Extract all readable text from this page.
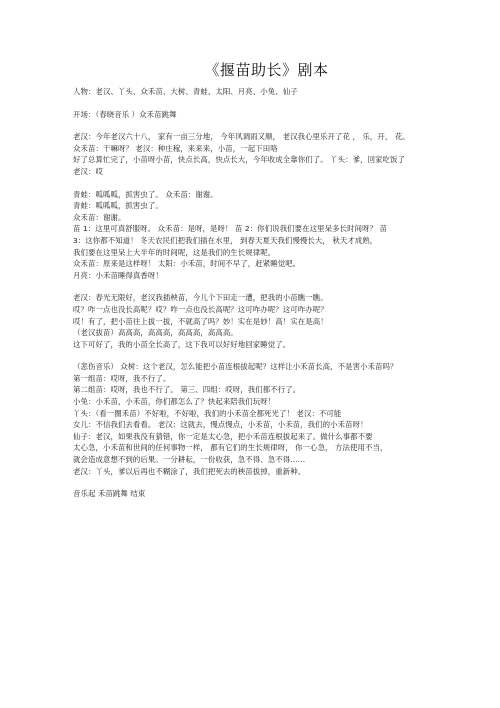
《揠苗助长》剧本

人物：老汉、丫头、众禾苗、大树、青蛙、太阳、月亮、小兔、仙子

开场：（春晓音乐 ）众禾苗跳舞

老汉：今年老汉六十八， 家有一亩三分地， 今年风调雨又顺， 老汉我心里乐开了花 ， 乐，开， 花。

众禾苗：干嘛呀？ 老汉：种庄稼，来来来，小苗，一起下田咯

好了总算忙完了，小苗呀小苗，快点长高，快点长大，今年收成全靠你们了。 丫头：爹，回家吃饭了

老汉：哎

青蛙：呱呱呱，抓害虫了。 众禾苗：谢谢。

青蛙：呱呱呱，抓害虫了。

众禾苗：谢谢。

苗 1：这里可真舒服呀。 众禾苗：是呀，是呀！ 苗 2：你们说我们要在这里呆多长时间呀？ 苗

3：这你都不知道！ 冬天农民们把我们插在水里， 到春天夏天我们慢慢长大， 秋天才成熟，

我们要在这里呆上大半年的时间呢，这是我们的生长规律呢。

众禾苗：原来是这样呀！ 太阳：小禾苗，时间不早了，赶紧睡觉吧。

月亮：小禾苗睡得真香呀！

老汉：春光无限好，老汉我插秧苗，今儿个下田走一遭，把我的小苗瞧一瞧。

哎？咋一点也没长高呢？哎？咋一点也没长高呢？这可咋办呢？这可咋办呢？

哎！有了，把小苗往上拔一拔，不就高了吗？妙！实在是妙！高！实在是高！

（老汉拔苗）高高高，高高高，高高高，高高高。

这下可好了，我的小苗全长高了，这下我可以好好地回家睡觉了。

（悲伤音乐） 众树：这个老汉，怎么能把小苗连根拔起呢？这样让小禾苗长高，不是害小禾苗吗？

第一组苗：哎呀，我不行了。

第二组苗：哎呀，我也不行了。 第三、四组：哎呀，我们都不行了。

小兔：小禾苗，小禾苗，你们都怎么了？快起来陪我们玩呀！

丫头：（看一圈禾苗）不好啦，不好啦，我们的小禾苗全都死光了！ 老汉：不可能

女儿：不信我们去看看。 老汉：这就去，慢点慢点，小禾苗，小禾苗，我们的小禾苗呀！

仙子：老汉，如果我没有猜错，你一定是太心急，把小禾苗连根拔起来了。做什么事都不要

太心急，小禾苗和世间的任何事物一样， 都有它们的生长规律呀， 你一心急， 方法使用不当，

就会造成意想不到的后果。一分耕耘，一份收获，急不得、急不得……

老汉：丫头，爹以后再也不糊涂了，我们把死去的秧苗拔掉，重新种。

音乐起 禾苗跳舞 结束
